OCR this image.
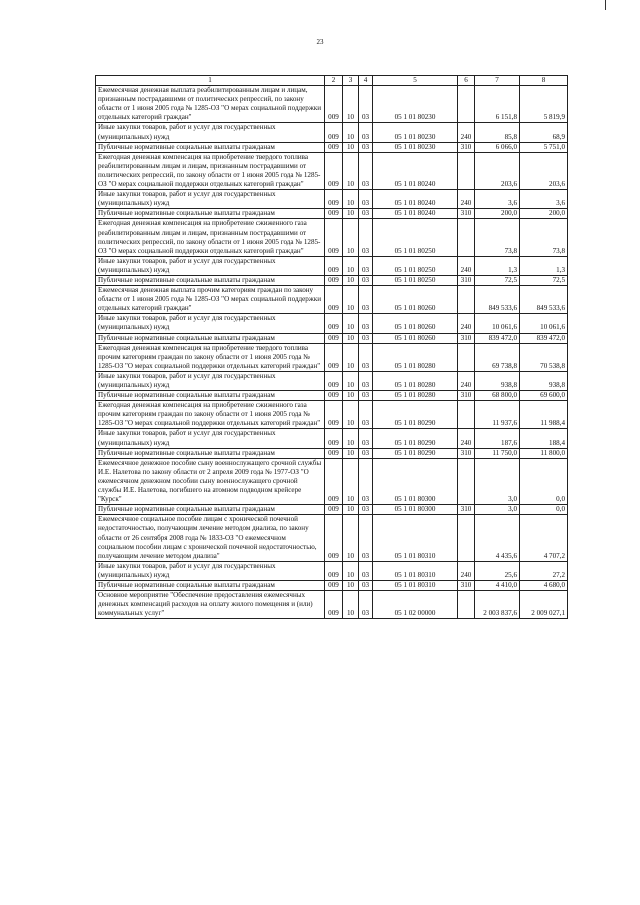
23
1	2	3	4	5	6	7	8
Ежемесячная денежная выплата реабилитированным лицам и лицам, признанным пострадавшими от политических репрессий, по закону области от 1 июня 2005 года № 1285-ОЗ "О мерах социальной поддержки отдельных категорий граждан"	009	10	03	05 1 01 80230		6 151,8	5 819,9
Иные закупки товаров, работ и услуг для государственных (муниципальных) нужд	009	10	03	05 1 01 80230	240	85,8	68,9
Публичные нормативные социальные выплаты гражданам	009	10	03	05 1 01 80230	310	6 066,0	5 751,0
Ежегодная денежная компенсация на приобретение твердого топлива реабилитированным лицам и лицам, признанным пострадавшими от политических репрессий, по закону области от 1 июня 2005 года № 1285-ОЗ "О мерах социальной поддержки отдельных категорий граждан"	009	10	03	05 1 01 80240		203,6	203,6
Иные закупки товаров, работ и услуг для государственных (муниципальных) нужд	009	10	03	05 1 01 80240	240	3,6	3,6
Публичные нормативные социальные выплаты гражданам	009	10	03	05 1 01 80240	310	200,0	200,0
Ежегодная денежная компенсация на приобретение сжиженного газа реабилитированным лицам и лицам, признанным пострадавшими от политических репрессий, по закону области от 1 июня 2005 года № 1285-ОЗ "О мерах социальной поддержки отдельных категорий граждан"	009	10	03	05 1 01 80250		73,8	73,8
Иные закупки товаров, работ и услуг для государственных (муниципальных) нужд	009	10	03	05 1 01 80250	240	1,3	1,3
Публичные нормативные социальные выплаты гражданам	009	10	03	05 1 01 80250	310	72,5	72,5
Ежемесячная денежная выплата прочим категориям граждан по закону области от 1 июня 2005 года № 1285-ОЗ "О мерах социальной поддержки отдельных категорий граждан"	009	10	03	05 1 01 80260		849 533,6	849 533,6
Иные закупки товаров, работ и услуг для государственных (муниципальных) нужд	009	10	03	05 1 01 80260	240	10 061,6	10 061,6
Публичные нормативные социальные выплаты гражданам	009	10	03	05 1 01 80260	310	839 472,0	839 472,0
Ежегодная денежная компенсация на приобретение твердого топлива прочим категориям граждан по закону области от 1 июня 2005 года № 1285-ОЗ "О мерах социальной поддержки отдельных категорий граждан"	009	10	03	05 1 01 80280		69 738,8	70 538,8
Иные закупки товаров, работ и услуг для государственных (муниципальных) нужд	009	10	03	05 1 01 80280	240	938,8	938,8
Публичные нормативные социальные выплаты гражданам	009	10	03	05 1 01 80280	310	68 800,0	69 600,0
Ежегодная денежная компенсация на приобретение сжиженного газа прочим категориям граждан по закону области от 1 июня 2005 года № 1285-ОЗ "О мерах социальной поддержки отдельных категорий граждан"	009	10	03	05 1 01 80290		11 937,6	11 988,4
Иные закупки товаров, работ и услуг для государственных (муниципальных) нужд	009	10	03	05 1 01 80290	240	187,6	188,4
Публичные нормативные социальные выплаты гражданам	009	10	03	05 1 01 80290	310	11 750,0	11 800,0
Ежемесячное денежное пособие сыну военнослужащего срочной службы И.Е. Налетова по закону области от 2 апреля 2009 года № 1977-ОЗ "О ежемесячном денежном пособии сыну военнослужащего срочной службы И.Е. Налетова, погибшего на атомном подводном крейсере "Курск"	009	10	03	05 1 01 80300		3,0	0,0
Публичные нормативные социальные выплаты гражданам	009	10	03	05 1 01 80300	310	3,0	0,0
Ежемесячное социальное пособие лицам с хронической почечной недостаточностью, получающим лечение методом диализа, по закону области от 26 сентября 2008 года № 1833-ОЗ "О ежемесячном социальном пособии лицам с хронической почечной недостаточностью, получающим лечение методом диализа"	009	10	03	05 1 01 80310		4 435,6	4 707,2
Иные закупки товаров, работ и услуг для государственных (муниципальных) нужд	009	10	03	05 1 01 80310	240	25,6	27,2
Публичные нормативные социальные выплаты гражданам	009	10	03	05 1 01 80310	310	4 410,0	4 680,0
Основное мероприятие "Обеспечение предоставления ежемесячных денежных компенсаций расходов на оплату жилого помещения и (или) коммунальных услуг"	009	10	03	05 1 02 00000		2 003 837,6	2 009 027,1
